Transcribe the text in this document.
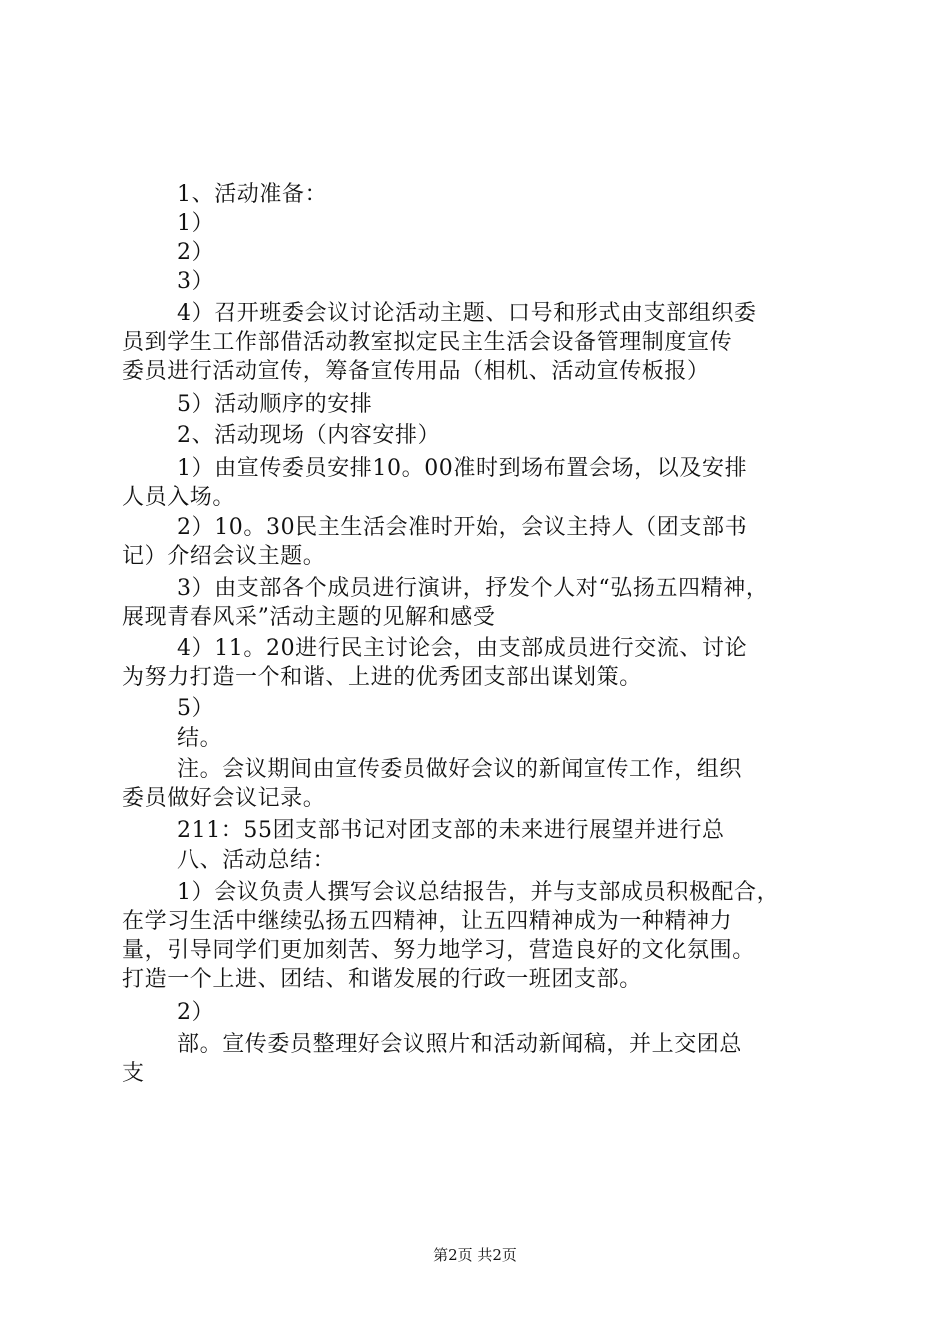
1、活动准备：
1）
2）
3）
4）召开班委会议讨论活动主题、口号和形式由支部组织委
员到学生工作部借活动教室拟定民主生活会设备管理制度宣传
委员进行活动宣传，筹备宣传用品（相机、活动宣传板报）
5）活动顺序的安排
2、活动现场（内容安排）
1）由宣传委员安排10。00准时到场布置会场，以及安排
人员入场。
2）10。30民主生活会准时开始，会议主持人（团支部书
记）介绍会议主题。
3）由支部各个成员进行演讲，抒发个人对“弘扬五四精神，
展现青春风采”活动主题的见解和感受
4）11。20进行民主讨论会，由支部成员进行交流、讨论
为努力打造一个和谐、上进的优秀团支部出谋划策。
5）
结。
注。会议期间由宣传委员做好会议的新闻宣传工作，组织
委员做好会议记录。
211：55团支部书记对团支部的未来进行展望并进行总
八、活动总结：
1）会议负责人撰写会议总结报告，并与支部成员积极配合，
在学习生活中继续弘扬五四精神，让五四精神成为一种精神力
量，引导同学们更加刻苦、努力地学习，营造良好的文化氛围。
打造一个上进、团结、和谐发展的行政一班团支部。
2）
部。宣传委员整理好会议照片和活动新闻稿，并上交团总
支
第2页 共2页
